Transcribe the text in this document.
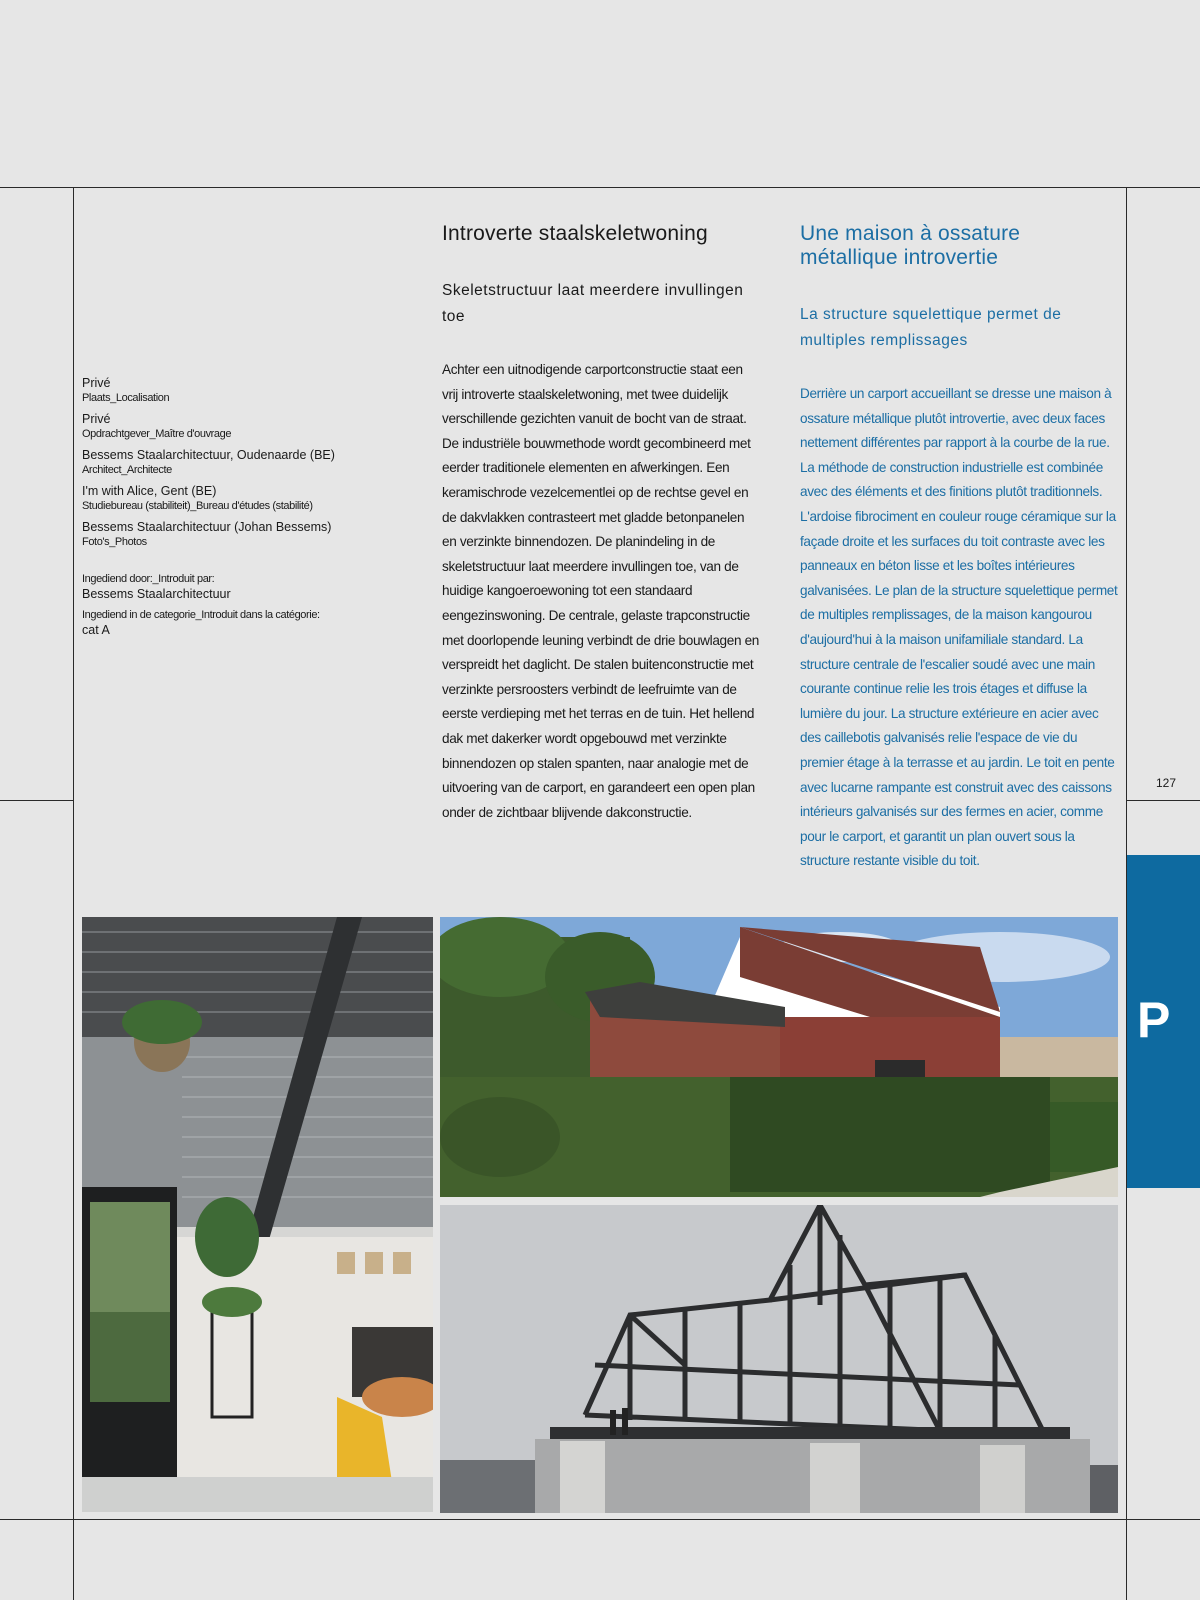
Privé
Plaats_Localisation
Privé
Opdrachtgever_Maître d'ouvrage
Bessems Staalarchitectuur, Oudenaarde (BE)
Architect_Architecte
I'm with Alice, Gent (BE)
Studiebureau (stabiliteit)_Bureau d'études (stabilité)
Bessems Staalarchitectuur (Johan Bessems)
Foto's_Photos
Ingediend door:_Introduit par:
Bessems Staalarchitectuur
Ingediend in de categorie_Introduit dans la catégorie:
cat A
Introverte staalskeletwoning
Skeletstructuur laat meerdere invullingen toe

Achter een uitnodigende carportconstructie staat een vrij introverte staalskeletwoning, met twee duidelijk verschillende gezichten vanuit de bocht van de straat. De industriële bouwmethode wordt gecombineerd met eerder traditionele elementen en afwerkingen. Een keramischrode vezelcementlei op de rechtse gevel en de dakvlakken contrasteert met gladde betonpanelen en verzinkte binnendozen. De planindeling in de skeletstructuur laat meerdere invullingen toe, van de huidige kangoeroewoning tot een standaard eengezinswoning. De centrale, gelaste trapconstructie met doorlopende leuning verbindt de drie bouwlagen en verspreidt het daglicht. De stalen buitenconstructie met verzinkte persroosters verbindt de leefruimte van de eerste verdieping met het terras en de tuin. Het hellend dak met dakerker wordt opgebouwd met verzinkte binnendozen op stalen spanten, naar analogie met de uitvoering van de carport, en garandeert een open plan onder de zichtbaar blijvende dakconstructie.

Une maison à ossature métallique introvertie
La structure squelettique permet de multiples remplissages

Derrière un carport accueillant se dresse une maison à ossature métallique plutôt introvertie, avec deux faces nettement différentes par rapport à la courbe de la rue. La méthode de construction industrielle est combinée avec des éléments et des finitions plutôt traditionnels. L'ardoise fibrociment en couleur rouge céramique sur la façade droite et les surfaces du toit contraste avec les panneaux en béton lisse et les boîtes intérieures galvanisées. Le plan de la structure squelettique permet de multiples remplissages, de la maison kangourou d'aujourd'hui à la maison unifamiliale standard. La structure centrale de l'escalier soudé avec une main courante continue relie les trois étages et diffuse la lumière du jour. La structure extérieure en acier avec des caillebotis galvanisés relie l'espace de vie du premier étage à la terrasse et au jardin. Le toit en pente avec lucarne rampante est construit avec des caissons intérieurs galvanisés sur des fermes en acier, comme pour le carport, et garantit un plan ouvert sous la structure restante visible du toit.

127
P
